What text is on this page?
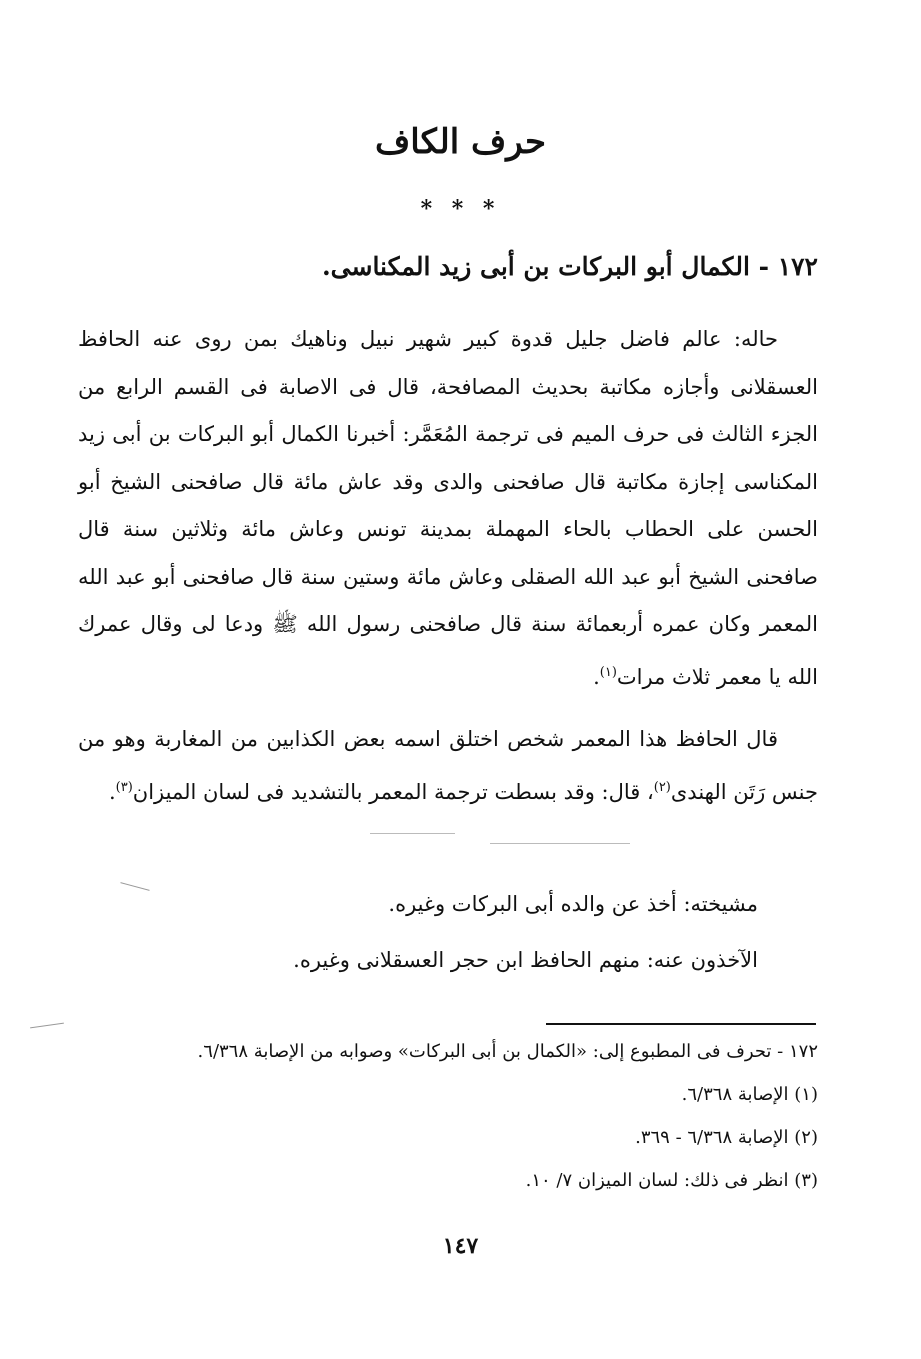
حرف الكاف
* * *
١٧٢ - الكمال أبو البركات بن أبى زيد المكناسى.

حاله: عالم فاضل جليل قدوة كبير شهير نبيل وناهيك بمن روى عنه الحافظ العسقلانى وأجازه مكاتبة بحديث المصافحة، قال فى الاصابة فى القسم الرابع من الجزء الثالث فى حرف الميم فى ترجمة المُعَمَّر: أخبرنا الكمال أبو البركات بن أبى زيد المكناسى إجازة مكاتبة قال صافحنى والدى وقد عاش مائة قال صافحنى الشيخ أبو الحسن على الحطاب بالحاء المهملة بمدينة تونس وعاش مائة وثلاثين سنة قال صافحنى الشيخ أبو عبد الله الصقلى وعاش مائة وستين سنة قال صافحنى أبو عبد الله المعمر وكان عمره أربعمائة سنة قال صافحنى رسول الله ﷺ ودعا لى وقال عمرك الله يا معمر ثلاث مرات$^{(١)}$.

قال الحافظ هذا المعمر شخص اختلق اسمه بعض الكذابين من المغاربة وهو من جنس رَتَن الهندى$^{(٢)}$، قال: وقد بسطت ترجمة المعمر بالتشديد فى لسان الميزان$^{(٣)}$.

مشيخته: أخذ عن والده أبى البركات وغيره.

الآخذون عنه: منهم الحافظ ابن حجر العسقلانى وغيره.

١٧٢ - تحرف فى المطبوع إلى: «الكمال بن أبى البركات» وصوابه من الإصابة ٦/٣٦٨.

(١) الإصابة ٦/٣٦٨.

(٢) الإصابة ٦/٣٦٨ - ٣٦٩.

(٣) انظر فى ذلك: لسان الميزان ٧/ ١٠.

١٤٧
